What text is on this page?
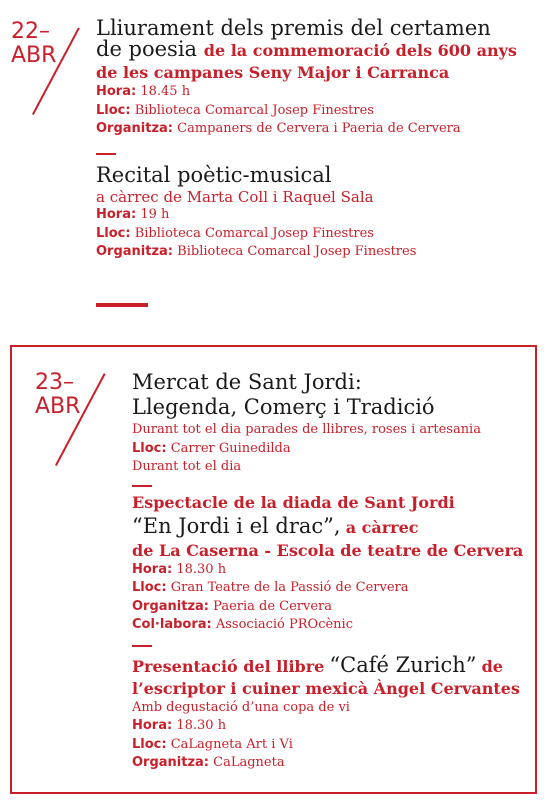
22–
ABR
Lliurament dels premis del certamen
de poesia de la commemoració dels 600 anys
de les campanes Seny Major i Carranca
Hora: 18.45 h
Lloc: Biblioteca Comarcal Josep Finestres
Organitza: Campaners de Cervera i Paeria de Cervera
Recital poètic-musical
a càrrec de Marta Coll i Raquel Sala
Hora: 19 h
Lloc: Biblioteca Comarcal Josep Finestres
Organitza: Biblioteca Comarcal Josep Finestres
23–
ABR
Mercat de Sant Jordi:
Llegenda, Comerç i Tradició
Durant tot el dia parades de llibres, roses i artesania
Lloc: Carrer Guinedilda
Durant tot el dia
Espectacle de la diada de Sant Jordi
“En Jordi i el drac”, a càrrec
de La Caserna - Escola de teatre de Cervera
Hora: 18.30 h
Lloc: Gran Teatre de la Passió de Cervera
Organitza: Paeria de Cervera
Col·labora: Associació PROcènic
Presentació del llibre “Café Zurich” de
l’escriptor i cuiner mexicà Àngel Cervantes
Amb degustació d’una copa de vi
Hora: 18.30 h
Lloc: CaLagneta Art i Vi
Organitza: CaLagneta
